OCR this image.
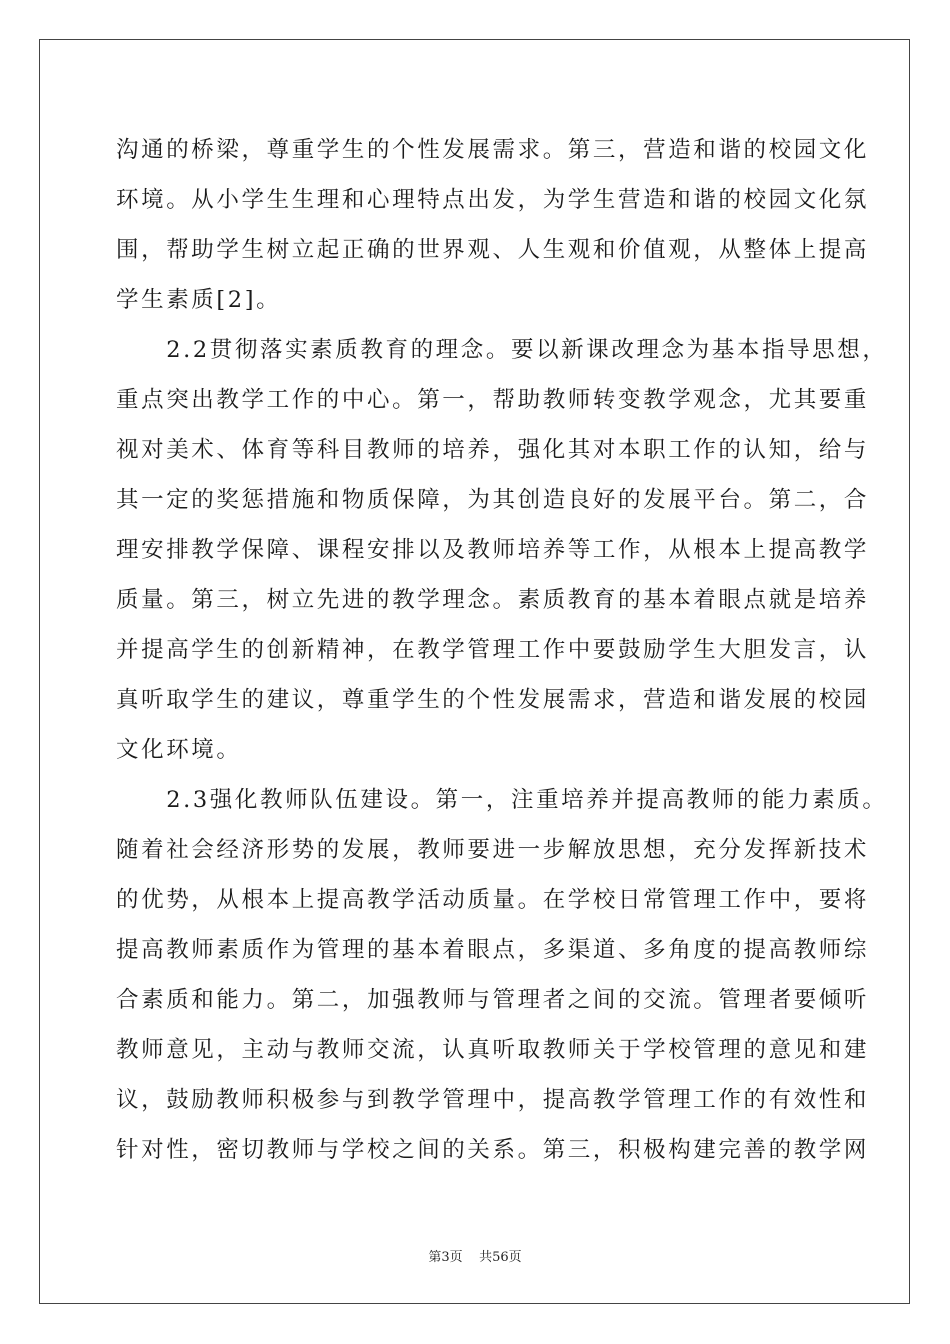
沟通的桥梁，尊重学生的个性发展需求。第三，营造和谐的校园文化
环境。从小学生生理和心理特点出发，为学生营造和谐的校园文化氛
围，帮助学生树立起正确的世界观、人生观和价值观，从整体上提高
学生素质[2]。
　　2.2贯彻落实素质教育的理念。要以新课改理念为基本指导思想，
重点突出教学工作的中心。第一，帮助教师转变教学观念，尤其要重
视对美术、体育等科目教师的培养，强化其对本职工作的认知，给与
其一定的奖惩措施和物质保障，为其创造良好的发展平台。第二，合
理安排教学保障、课程安排以及教师培养等工作，从根本上提高教学
质量。第三，树立先进的教学理念。素质教育的基本着眼点就是培养
并提高学生的创新精神，在教学管理工作中要鼓励学生大胆发言，认
真听取学生的建议，尊重学生的个性发展需求，营造和谐发展的校园
文化环境。
　　2.3强化教师队伍建设。第一，注重培养并提高教师的能力素质。
随着社会经济形势的发展，教师要进一步解放思想，充分发挥新技术
的优势，从根本上提高教学活动质量。在学校日常管理工作中，要将
提高教师素质作为管理的基本着眼点，多渠道、多角度的提高教师综
合素质和能力。第二，加强教师与管理者之间的交流。管理者要倾听
教师意见，主动与教师交流，认真听取教师关于学校管理的意见和建
议，鼓励教师积极参与到教学管理中，提高教学管理工作的有效性和
针对性，密切教师与学校之间的关系。第三，积极构建完善的教学网
第3页 共56页
